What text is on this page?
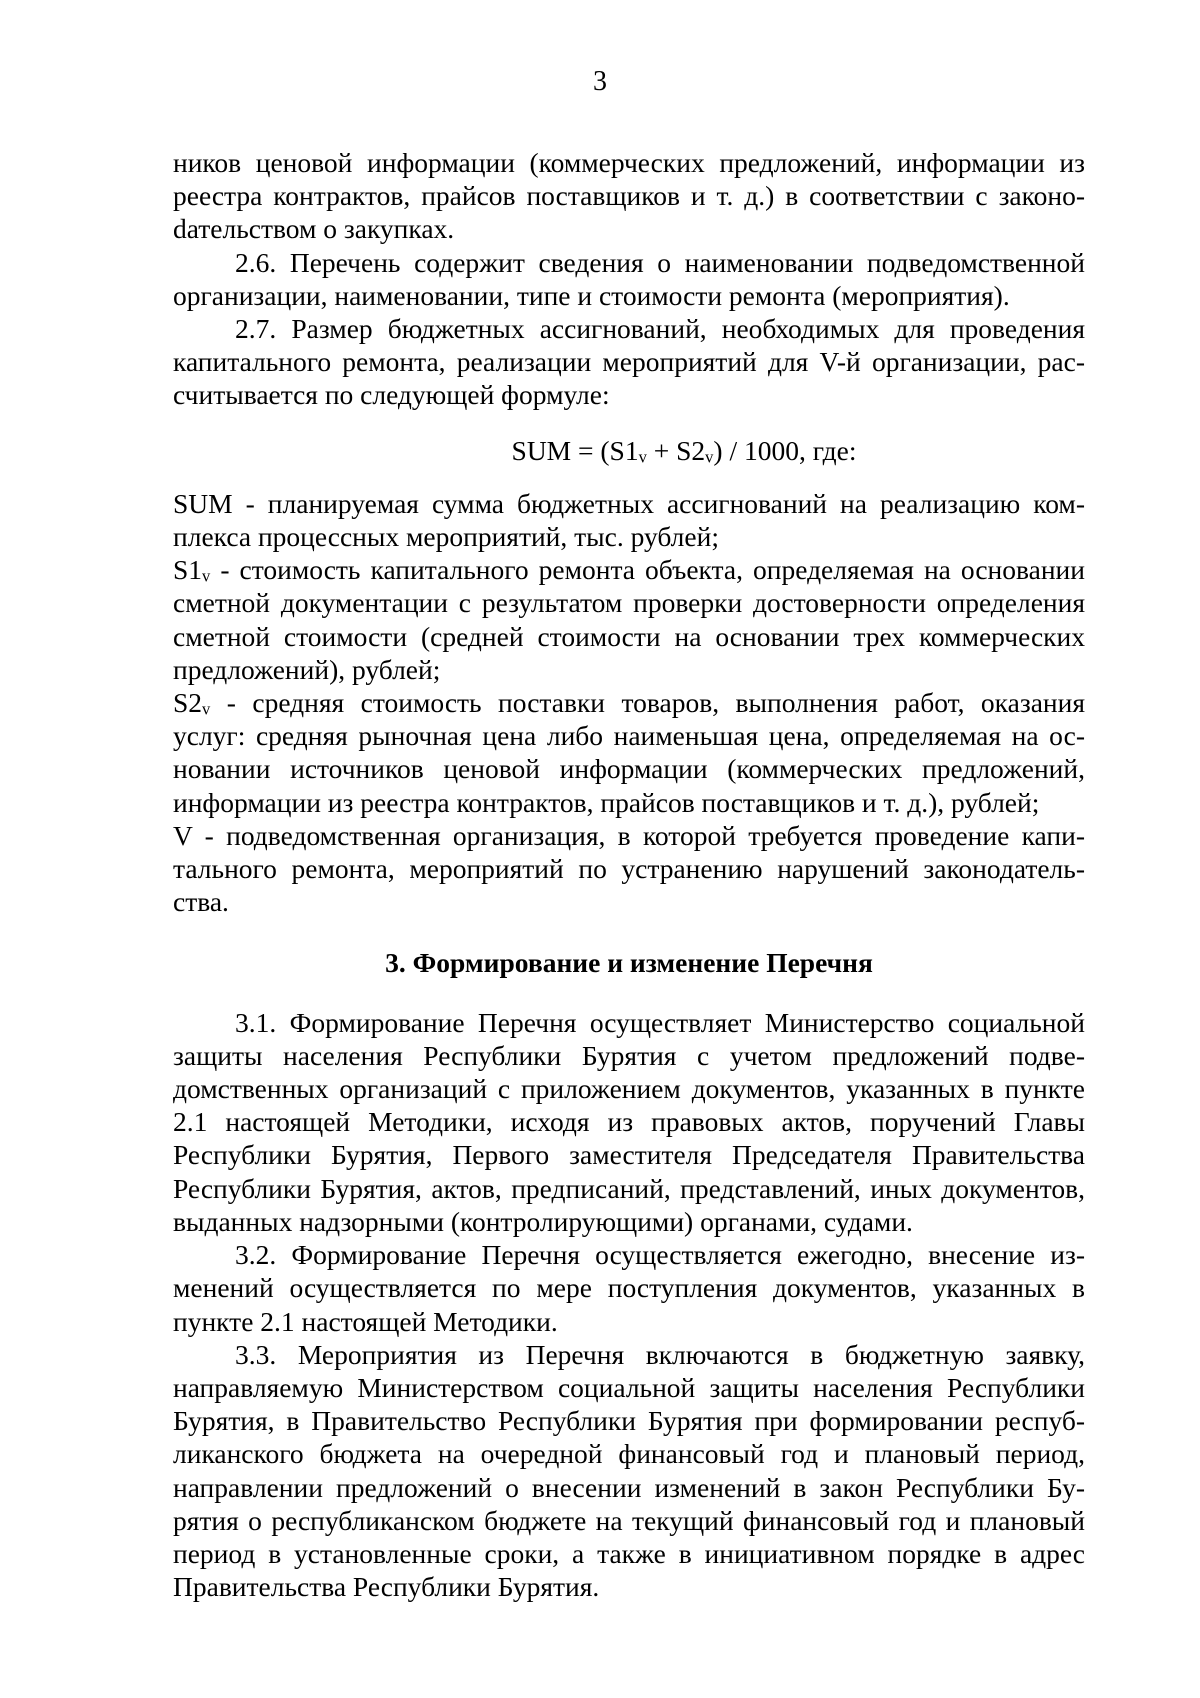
3

ников ценовой информации (коммерческих предложений, информации из реестра контрактов, прайсов поставщиков и т. д.) в соответствии с законоdательством о закупках.

2.6. Перечень содержит сведения о наименовании подведомственной организации, наименовании, типе и стоимости ремонта (мероприятия).

2.7. Размер бюджетных ассигнований, необходимых для проведения капитального ремонта, реализации мероприятий для V-й организации, рассчитывается по следующей формуле:

SUM = $(S1_v + S2_v) / 1000$, где:

SUM - планируемая сумма бюджетных ассигнований на реализацию комплекса процессных мероприятий, тыс. рублей;

$S1_v$ - стоимость капитального ремонта объекта, определяемая на основании сметной документации с результатом проверки достоверности определения сметной стоимости (средней стоимости на основании трех коммерческих предложений), рублей;

$S2_v$ - средняя стоимость поставки товаров, выполнения работ, оказания услуг: средняя рыночная цена либо наименьшая цена, определяемая на основании источников ценовой информации (коммерческих предложений, информации из реестра контрактов, прайсов поставщиков и т. д.), рублей;

V - подведомственная организация, в которой требуется проведение капитального ремонта, мероприятий по устранению нарушений законодательства.

3. Формирование и изменение Перечня

3.1. Формирование Перечня осуществляет Министерство социальной защиты населения Республики Бурятия с учетом предложений подведомственных организаций с приложением документов, указанных в пункте 2.1 настоящей Методики, исходя из правовых актов, поручений Главы Республики Бурятия, Первого заместителя Председателя Правительства Республики Бурятия, актов, предписаний, представлений, иных документов, выданных надзорными (контролирующими) органами, судами.

3.2. Формирование Перечня осуществляется ежегодно, внесение изменений осуществляется по мере поступления документов, указанных в пункте 2.1 настоящей Методики.

3.3. Мероприятия из Перечня включаются в бюджетную заявку, направляемую Министерством социальной защиты населения Республики Бурятия, в Правительство Республики Бурятия при формировании республиканского бюджета на очередной финансовый год и плановый период, направлении предложений о внесении изменений в закон Республики Бурятия о республиканском бюджете на текущий финансовый год и плановый период в установленные сроки, а также в инициативном порядке в адрес Правительства Республики Бурятия.
